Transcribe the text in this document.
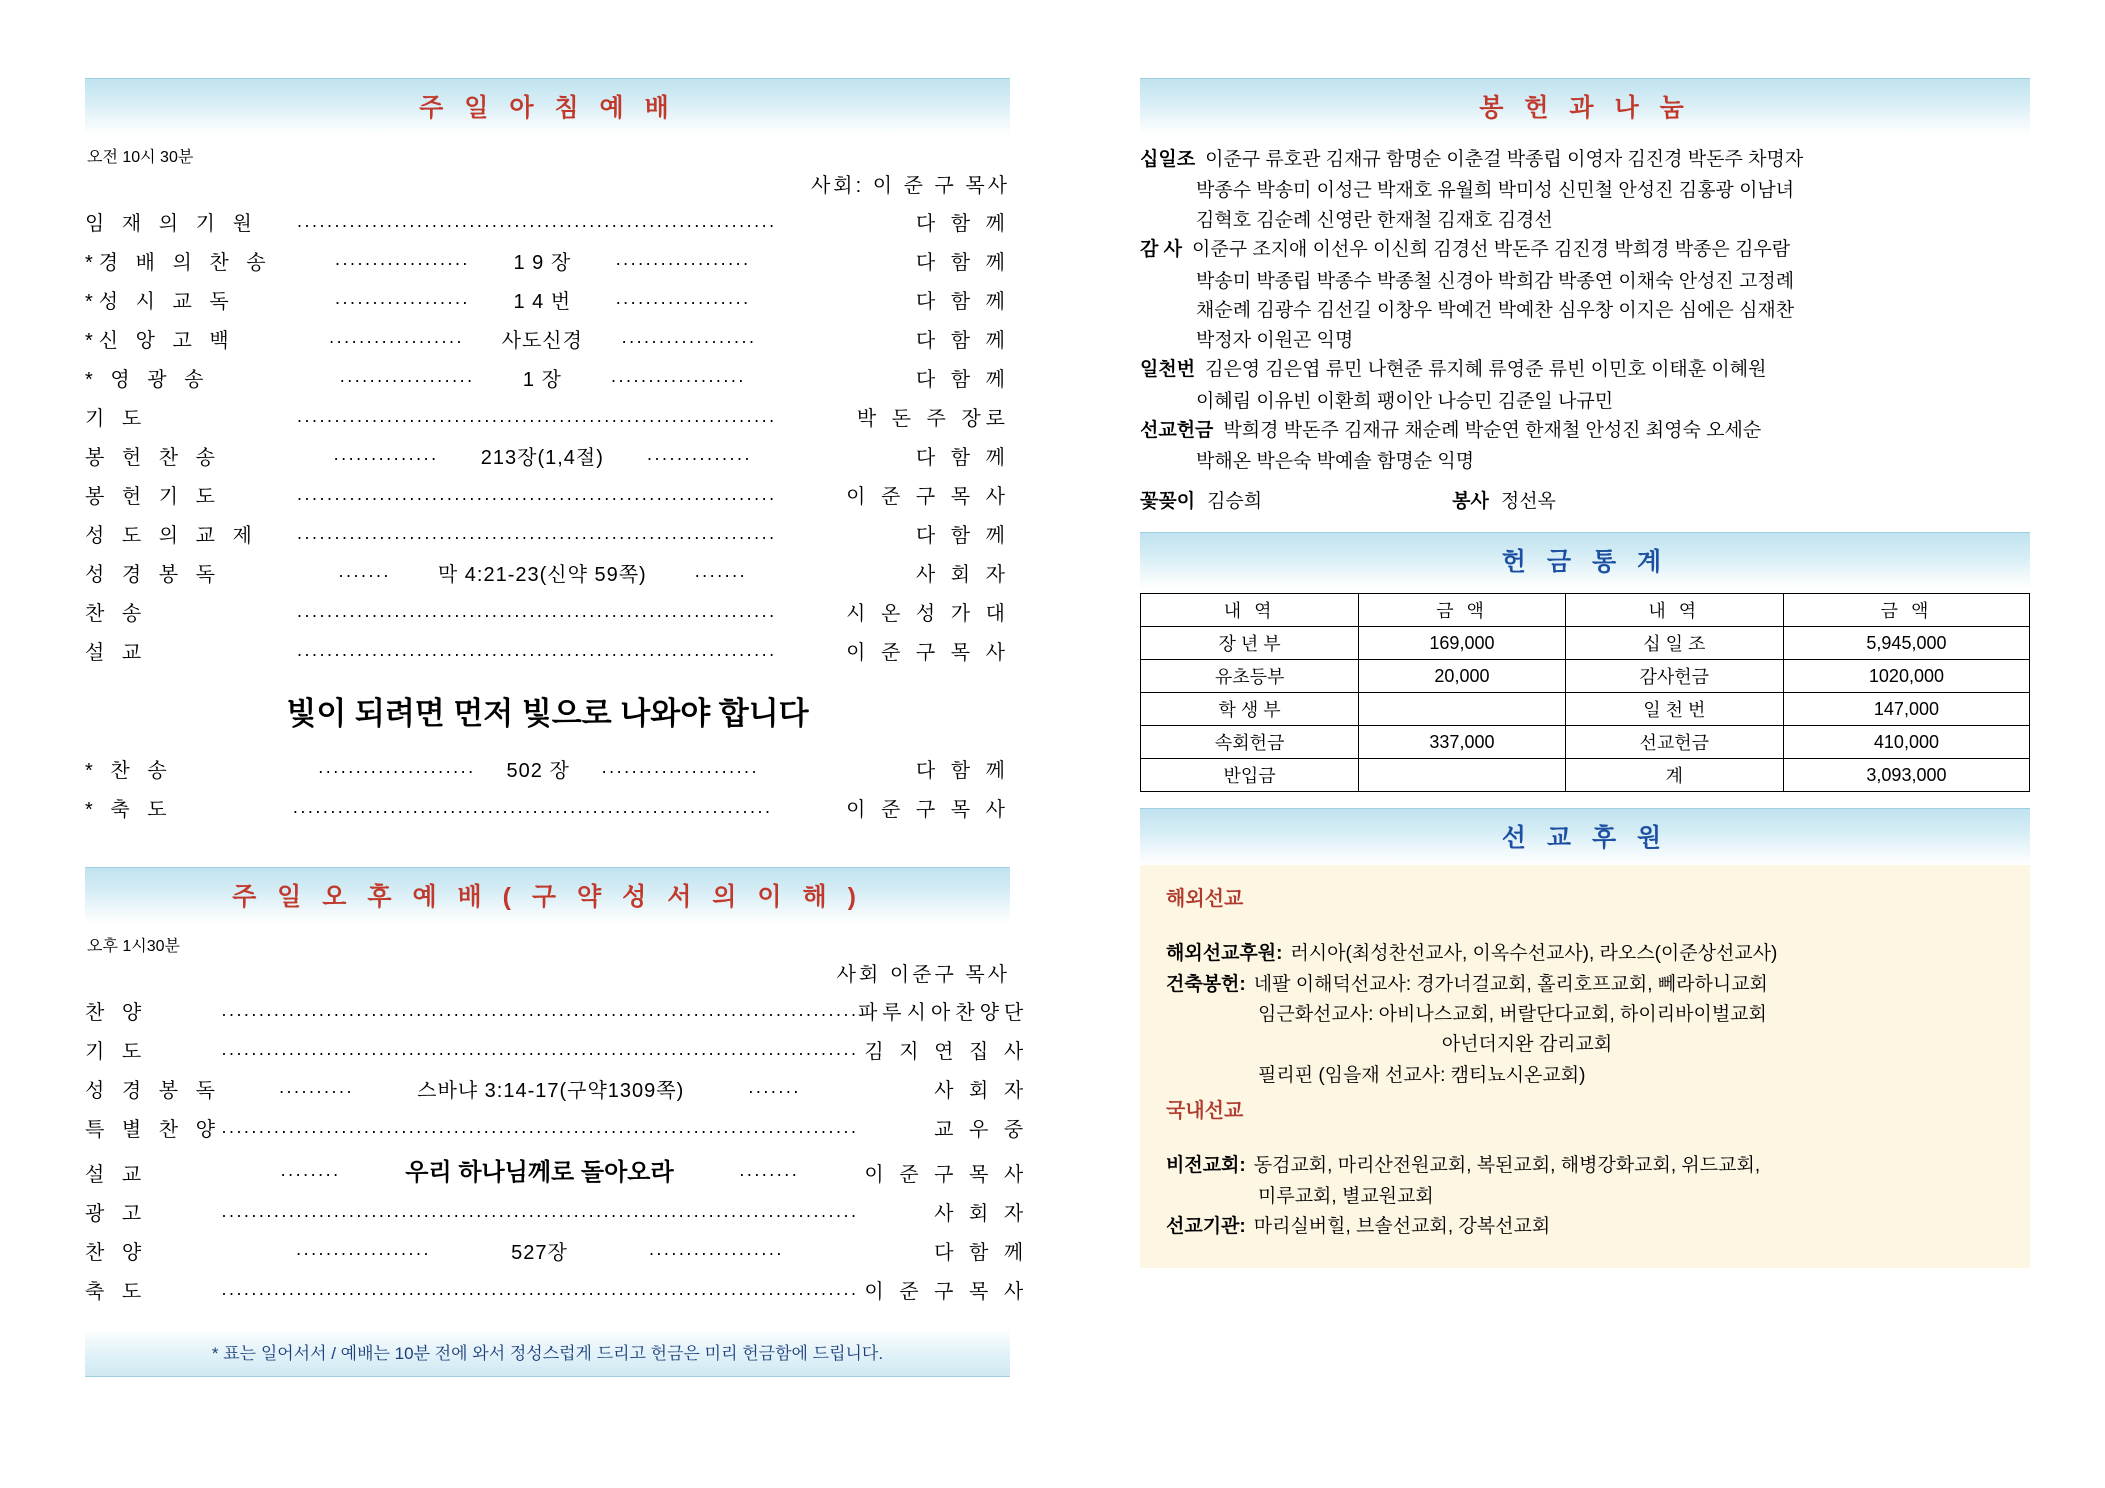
주 일 아 침 예 배
오전 10시 30분
사회: 이 준 구 목사
임 재 의 기 원	································································	다 함 께
*경 배 의 찬 송	·················· 1 9 장 ··················	다 함 께
*성 시 교 독	·················· 1 4 번 ··················	다 함 께
*신 앙 고 백	·················· 사도신경 ··················	다 함 께
* 영 광 송	·················· 1 장 ··················	다 함 께
기 도	································································	박 돈 주 장로
봉 헌 찬 송	·············· 213장(1,4절) ··············	다 함 께
봉 헌 기 도	································································	이 준 구 목 사
성 도 의 교 제	································································	다 함 께
성 경 봉 독	······· 막 4:21-23(신약 59쪽) ·······	사 회 자
찬 송	································································	시 온 성 가 대
설 교	································································	이 준 구 목 사
빛이 되려면 먼저 빛으로 나와야 합니다
* 찬 송	····················· 502 장 ·····················	다 함 께
* 축 도	································································	이 준 구 목 사
주 일 오 후 예 배 ( 구 약 성 서 의 이 해 )
오후 1시30분
사회 이준구 목사
찬 양	·····················································································	파루시아찬양단
기 도	·····················································································	김 지 연 집 사
성 경 봉 독	·········· 스바냐 3:14-17(구약1309쪽) ·······	사 회 자
특 별 찬 양	·····················································································	교 우 중
설 교	········ 우리 하나님께로 돌아오라 ········	이 준 구 목 사
광 고	·····················································································	사 회 자
찬 양	·················· 527장 ··················	다 함 께
축 도	·····················································································	이 준 구 목 사
* 표는 일어서서 / 예배는 10분 전에 와서 정성스럽게 드리고 헌금은 미리 헌금함에 드립니다.
봉 헌 과 나 눔
십일조 이준구 류호관 김재규 함명순 이춘걸 박종립 이영자 김진경 박돈주 차명자
박종수 박송미 이성근 박재호 유월희 박미성 신민철 안성진 김홍광 이남녀
김혁호 김순례 신영란 한재철 김재호 김경선
감 사 이준구 조지애 이선우 이신희 김경선 박돈주 김진경 박희경 박종은 김우람
박송미 박종립 박종수 박종철 신경아 박희감 박종연 이채숙 안성진 고정례
채순례 김광수 김선길 이창우 박예건 박예찬 심우창 이지은 심에은 심재찬
박정자 이원곤 익명
일천번 김은영 김은엽 류민 나현준 류지혜 류영준 류빈 이민호 이태훈 이혜원
이혜림 이유빈 이환희 팽이안 나승민 김준일 나규민
선교헌금 박희경 박돈주 김재규 채순례 박순연 한재철 안성진 최영숙 오세순
박해온 박은숙 박예솔 함명순 익명
꽃꽂이 김승희	봉사 정선옥
헌 금 통 계
내 역	금 액	내 역	금 액
장 년 부	169,000	십 일 조	5,945,000
유초등부	20,000	감사헌금	1020,000
학 생 부		일 천 번	147,000
속회헌금	337,000	선교헌금	410,000
반입금		계	3,093,000
선 교 후 원
해외선교
해외선교후원: 러시아(최성찬선교사, 이옥수선교사), 라오스(이준상선교사)
건축봉헌: 네팔 이해덕선교사: 경가너걸교회, 홀리호프교회, 뻬라하니교회
임근화선교사: 아비나스교회, 버랄단다교회, 하이리바이벌교회
아넌더지완 감리교회
필리핀 (임을재 선교사: 캠티뇨시온교회)
국내선교
비전교회: 동검교회, 마리산전원교회, 복된교회, 해병강화교회, 위드교회,
미루교회, 별교원교회
선교기관: 마리실버힐, 브솔선교회, 강복선교회
